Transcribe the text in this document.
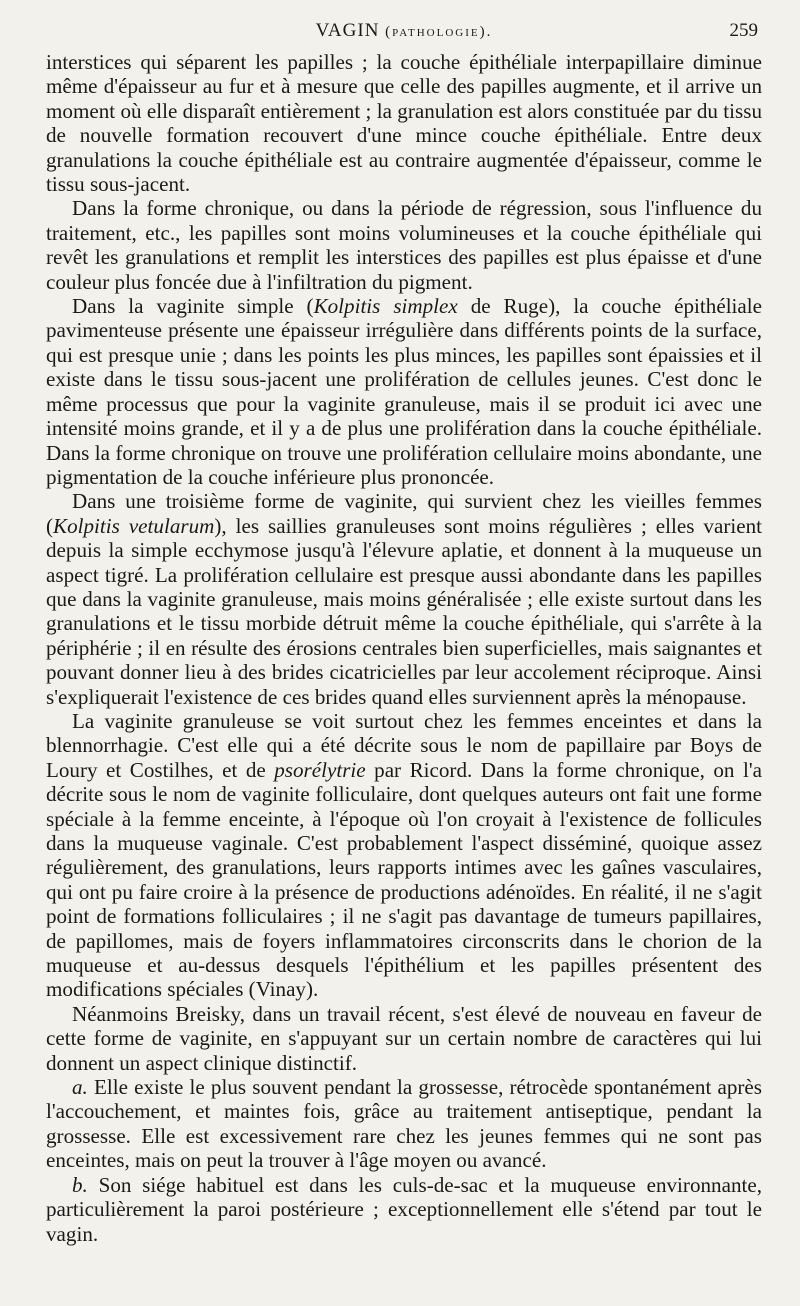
VAGIN (pathologie).	259

interstices qui séparent les papilles ; la couche épithéliale interpapillaire diminue même d'épaisseur au fur et à mesure que celle des papilles augmente, et il arrive un moment où elle disparaît entièrement ; la granulation est alors constituée par du tissu de nouvelle formation recouvert d'une mince couche épithéliale. Entre deux granulations la couche épithéliale est au contraire augmentée d'épaisseur, comme le tissu sous-jacent.

Dans la forme chronique, ou dans la période de régression, sous l'influence du traitement, etc., les papilles sont moins volumineuses et la couche épithéliale qui revêt les granulations et remplit les interstices des papilles est plus épaisse et d'une couleur plus foncée due à l'infiltration du pigment.

Dans la vaginite simple (Kolpitis simplex de Ruge), la couche épithéliale pavimenteuse présente une épaisseur irrégulière dans différents points de la surface, qui est presque unie ; dans les points les plus minces, les papilles sont épaissies et il existe dans le tissu sous-jacent une prolifération de cellules jeunes. C'est donc le même processus que pour la vaginite granuleuse, mais il se produit ici avec une intensité moins grande, et il y a de plus une prolifération dans la couche épithéliale. Dans la forme chronique on trouve une prolifération cellulaire moins abondante, une pigmentation de la couche inférieure plus prononcée.

Dans une troisième forme de vaginite, qui survient chez les vieilles femmes (Kolpitis vetularum), les saillies granuleuses sont moins régulières ; elles varient depuis la simple ecchymose jusqu'à l'élevure aplatie, et donnent à la muqueuse un aspect tigré. La prolifération cellulaire est presque aussi abondante dans les papilles que dans la vaginite granuleuse, mais moins généralisée ; elle existe surtout dans les granulations et le tissu morbide détruit même la couche épithéliale, qui s'arrête à la périphérie ; il en résulte des érosions centrales bien superficielles, mais saignantes et pouvant donner lieu à des brides cicatricielles par leur accolement réciproque. Ainsi s'expliquerait l'existence de ces brides quand elles surviennent après la ménopause.

La vaginite granuleuse se voit surtout chez les femmes enceintes et dans la blennorrhagie. C'est elle qui a été décrite sous le nom de papillaire par Boys de Loury et Costilhes, et de psorélytrie par Ricord. Dans la forme chronique, on l'a décrite sous le nom de vaginite folliculaire, dont quelques auteurs ont fait une forme spéciale à la femme enceinte, à l'époque où l'on croyait à l'existence de follicules dans la muqueuse vaginale. C'est probablement l'aspect disséminé, quoique assez régulièrement, des granulations, leurs rapports intimes avec les gaînes vasculaires, qui ont pu faire croire à la présence de productions adénoïdes. En réalité, il ne s'agit point de formations folliculaires ; il ne s'agit pas davantage de tumeurs papillaires, de papillomes, mais de foyers inflammatoires circonscrits dans le chorion de la muqueuse et au-dessus desquels l'épithélium et les papilles présentent des modifications spéciales (Vinay).

Néanmoins Breisky, dans un travail récent, s'est élevé de nouveau en faveur de cette forme de vaginite, en s'appuyant sur un certain nombre de caractères qui lui donnent un aspect clinique distinctif.

a. Elle existe le plus souvent pendant la grossesse, rétrocède spontanément après l'accouchement, et maintes fois, grâce au traitement antiseptique, pendant la grossesse. Elle est excessivement rare chez les jeunes femmes qui ne sont pas enceintes, mais on peut la trouver à l'âge moyen ou avancé.

b. Son siége habituel est dans les culs-de-sac et la muqueuse environnante, particulièrement la paroi postérieure ; exceptionnellement elle s'étend par tout le vagin.
